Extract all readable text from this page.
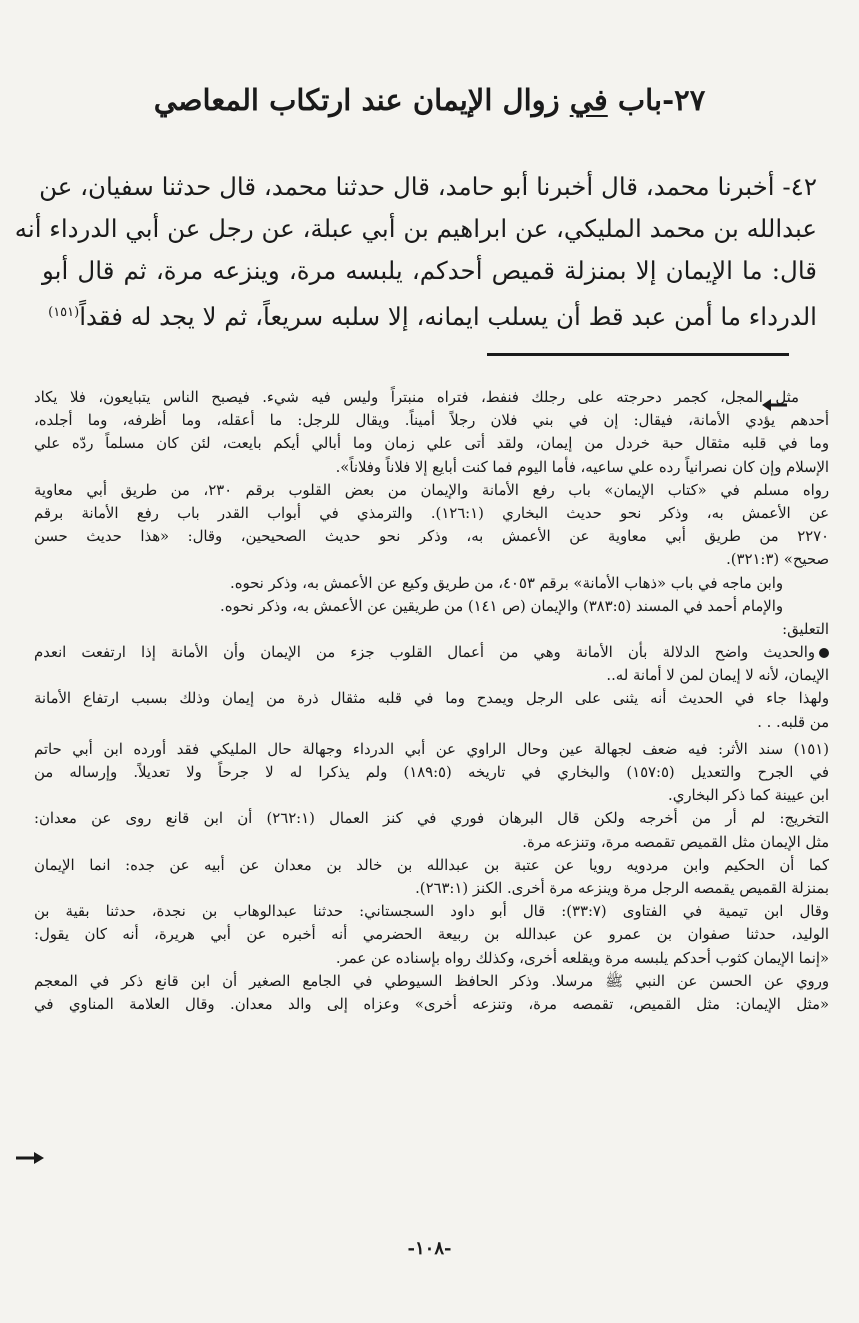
٢٧-باب في زوال الإيمان عند ارتكاب المعاصي
٤٢- أخبرنا محمد، قال أخبرنا أبو حامد، قال حدثنا محمد، قال حدثنا سفيان، عن
عبدالله بن محمد المليكي، عن ابراهيم بن أبي عبلة، عن رجل عن أبي الدرداء أنه
قال: ما الإيمان إلا بمنزلة قميص أحدكم، يلبسه مرة، وينزعه مرة، ثم قال أبو
الدرداء ما أمن عبد قط أن يسلب ايمانه، إلا سلبه سريعاً، ثم لا يجد له فقداً$^{(١٥١)}$
مثل المجل، كجمر دحرجته على رجلك فنفط، فتراه منبتراً وليس فيه شيء. فيصبح الناس يتبايعون، فلا يكاد
أحدهم يؤدي الأمانة، فيقال: إن في بني فلان رجلاً أميناً. ويقال للرجل: ما أعقله، وما أظرفه، وما أجلده،
وما في قلبه مثقال حبة خردل من إيمان، ولقد أتى علي زمان وما أبالي أيكم بايعت، لئن كان مسلماً ردّه علي
الإسلام وإن كان نصرانياً رده علي ساعيه، فأما اليوم فما كنت أبايع إلا فلاناً وفلاناً».
رواه مسلم في «كتاب الإيمان» باب رفع الأمانة والإيمان من بعض القلوب برقم ٢٣٠، من طريق أبي معاوية
عن الأعمش به، وذكر نحو حديث البخاري (١٢٦:١). والترمذي في أبواب القدر باب رفع الأمانة برقم
٢٢٧٠ من طريق أبي معاوية عن الأعمش به، وذكر نحو حديث الصحيحين، وقال: «هذا حديث حسن
صحيح» (٣٢١:٣).
وابن ماجه في باب «ذهاب الأمانة» برقم ٤٠٥٣، من طريق وكيع عن الأعمش به، وذكر نحوه.
والإمام أحمد في المسند (٣٨٣:٥) والإيمان (ص ١٤١) من طريقين عن الأعمش به، وذكر نحوه.
التعليق:
والحديث واضح الدلالة بأن الأمانة وهي من أعمال القلوب جزء من الإيمان وأن الأمانة إذا ارتفعت انعدم
الإيمان، لأنه لا إيمان لمن لا أمانة له..
ولهذا جاء في الحديث أنه يثنى على الرجل ويمدح وما في قلبه مثقال ذرة من إيمان وذلك بسبب ارتفاع الأمانة
من قلبه. . .
(١٥١) سند الأثر: فيه ضعف لجهالة عين وحال الراوي عن أبي الدرداء وجهالة حال المليكي فقد أورده ابن أبي حاتم
في الجرح والتعديل (١٥٧:٥) والبخاري في تاريخه (١٨٩:٥) ولم يذكرا له لا جرحاً ولا تعديلاً. وإرساله من
ابن عيينة كما ذكر البخاري.
التخريج: لم أر من أخرجه ولكن قال البرهان فوري في كنز العمال (٢٦٢:١) أن ابن قانع روى عن معدان:
مثل الإيمان مثل القميص تقمصه مرة، وتنزعه مرة.
كما أن الحكيم وابن مردويه رويا عن عتبة بن عبدالله بن خالد بن معدان عن أبيه عن جده: انما الإيمان
بمنزلة القميص يقمصه الرجل مرة وينزعه مرة أخرى. الكنز (٢٦٣:١).
وقال ابن تيمية في الفتاوى (٣٣:٧): قال أبو داود السجستاني: حدثنا عبدالوهاب بن نجدة، حدثنا بقية بن
الوليد، حدثنا صفوان بن عمرو عن عبدالله بن ربيعة الحضرمي أنه أخبره عن أبي هريرة، أنه كان يقول:
«إنما الإيمان كثوب أحدكم يلبسه مرة ويقلعه أخرى، وكذلك رواه بإسناده عن عمر.
وروي عن الحسن عن النبي ﷺ مرسلا. وذكر الحافظ السيوطي في الجامع الصغير أن ابن قانع ذكر في المعجم
«مثل الإيمان: مثل القميص، تقمصه مرة، وتنزعه أخرى» وعزاه إلى والد معدان. وقال العلامة المناوي في
-١٠٨-
